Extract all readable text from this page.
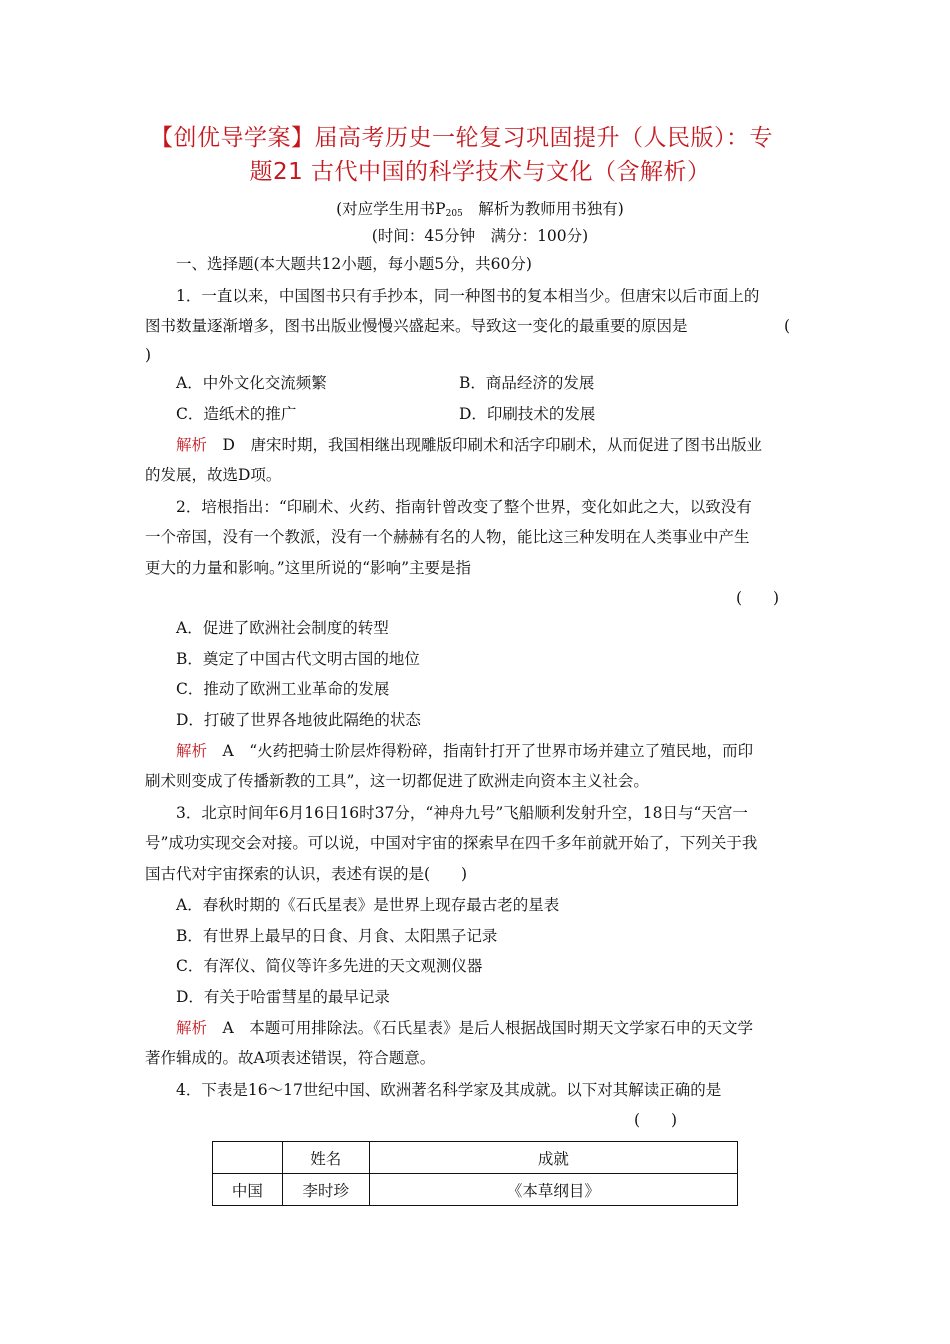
【创优导学案】届高考历史一轮复习巩固提升（人民版）：专
题21 古代中国的科学技术与文化（含解析）
(对应学生用书$P_{205}$　解析为教师用书独有)
(时间：45分钟　满分：100分)
一、选择题(本大题共12小题，每小题5分，共60分)
1．一直以来，中国图书只有手抄本，同一种图书的复本相当少。但唐宋以后市面上的
图书数量逐渐增多，图书出版业慢慢兴盛起来。导致这一变化的最重要的原因是	(
)
A．中外文化交流频繁	B．商品经济的发展
C．造纸术的推广	D．印刷技术的发展
解析　D　唐宋时期，我国相继出现雕版印刷术和活字印刷术，从而促进了图书出版业
的发展，故选D项。
2．培根指出：“印刷术、火药、指南针曾改变了整个世界，变化如此之大，以致没有
一个帝国，没有一个教派，没有一个赫赫有名的人物，能比这三种发明在人类事业中产生
更大的力量和影响。”这里所说的“影响”主要是指
(　　)
A．促进了欧洲社会制度的转型
B．奠定了中国古代文明古国的地位
C．推动了欧洲工业革命的发展
D．打破了世界各地彼此隔绝的状态
解析　A　“火药把骑士阶层炸得粉碎，指南针打开了世界市场并建立了殖民地，而印
刷术则变成了传播新教的工具”，这一切都促进了欧洲走向资本主义社会。
3．北京时间年6月16日16时37分，“神舟九号”飞船顺利发射升空，18日与“天宫一
号”成功实现交会对接。可以说，中国对宇宙的探索早在四千多年前就开始了，下列关于我
国古代对宇宙探索的认识，表述有误的是(　　)
A．春秋时期的《石氏星表》是世界上现存最古老的星表
B．有世界上最早的日食、月食、太阳黑子记录
C．有浑仪、简仪等许多先进的天文观测仪器
D．有关于哈雷彗星的最早记录
解析　A　本题可用排除法。《石氏星表》是后人根据战国时期天文学家石申的天文学
著作辑成的。故A项表述错误，符合题意。
4．下表是16～17世纪中国、欧洲著名科学家及其成就。以下对其解读正确的是
(　　)
	姓名	成就
中国	李时珍	《本草纲目》
